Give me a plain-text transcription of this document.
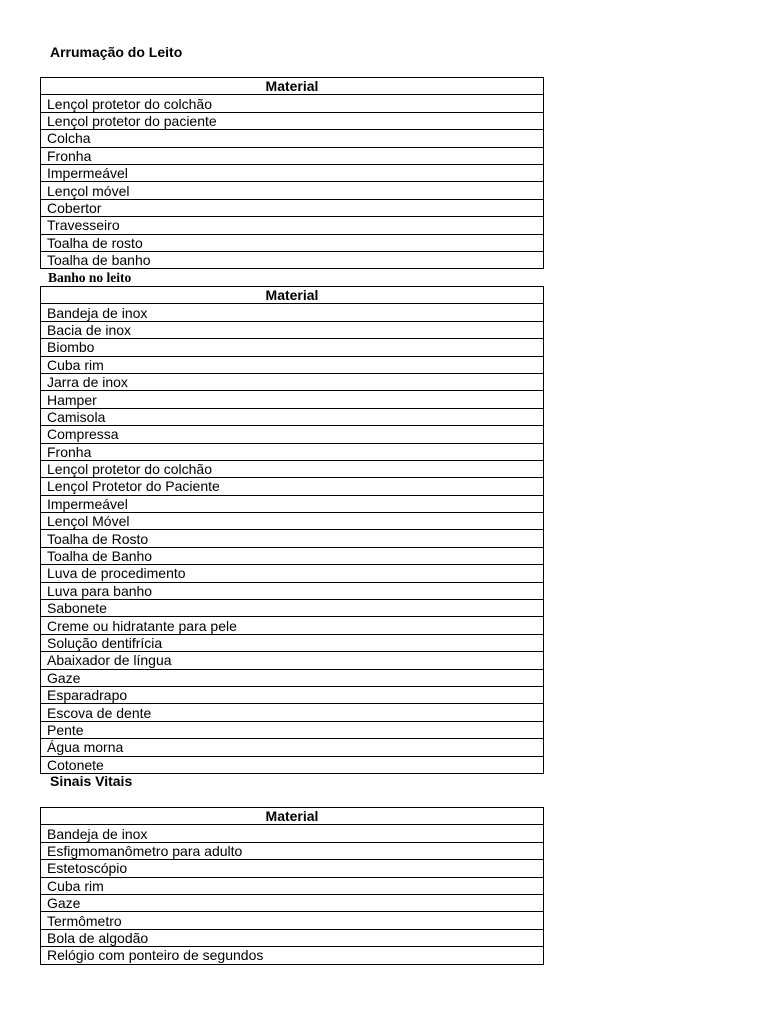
Arrumação do Leito
Material
Lençol protetor do colchão
Lençol protetor do paciente
Colcha
Fronha
Impermeável
Lençol móvel
Cobertor
Travesseiro
Toalha de rosto
Toalha de banho
Banho no leito
Material
Bandeja de inox
Bacia de inox
Biombo
Cuba rim
Jarra de inox
Hamper
Camisola
Compressa
Fronha
Lençol protetor do colchão
Lençol Protetor do Paciente
Impermeável
Lençol Móvel
Toalha de Rosto
Toalha de Banho
Luva de procedimento
Luva para banho
Sabonete
Creme ou hidratante para pele
Solução dentifrícia
Abaixador de língua
Gaze
Esparadrapo
Escova de dente
Pente
Água morna
Cotonete
Sinais Vitais
Material
Bandeja de inox
Esfigmomanômetro para adulto
Estetoscópio
Cuba rim
Gaze
Termômetro
Bola de algodão
Relógio com ponteiro de segundos
